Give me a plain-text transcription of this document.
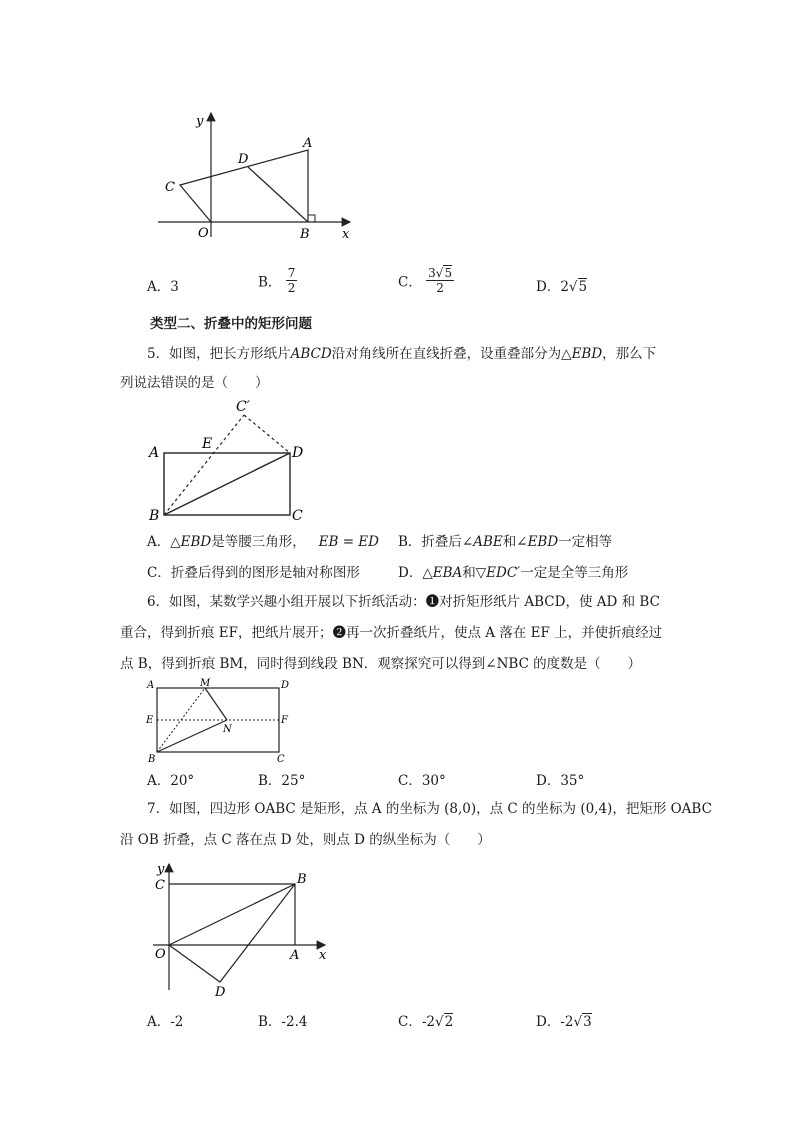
y
A
D
C
O	B x
A．3	B． $\frac{7}{2}$	C． $\frac{3√5}{2}$	D．2√5
类型二、折叠中的矩形问题
5．如图，把长方形纸片ABCD沿对角线所在直线折叠，设重叠部分为△EBD，那么下
列说法错误的是（　　）
C′
A
E
D
B	C
A．△EBD是等腰三角形， EB = ED B．折叠后∠ABE和∠EBD一定相等
C．折叠后得到的图形是轴对称图形	D．△EBA和▽EDC′一定是全等三角形
6．如图，某数学兴趣小组开展以下折纸活动：❶对折矩形纸片 ABCD，使 AD 和 BC
重合，得到折痕 EF，把纸片展开；❷再一次折叠纸片，使点 A 落在 EF 上，并使折痕经过
点 B，得到折痕 BM，同时得到线段 BN．观察探究可以得到∠NBC 的度数是（　　）
A	M	D
E	F
N
B	C
A．20°	B．25°	C．30°	D．35°
7．如图，四边形 OABC 是矩形，点 A 的坐标为 (8,0)，点 C 的坐标为 (0,4)，把矩形 OABC
沿 OB 折叠，点 C 落在点 D 处，则点 D 的纵坐标为（　　）
y
C	B
O	A x
D
A．-2	B．-2.4	C．-2√2	D．-2√3
